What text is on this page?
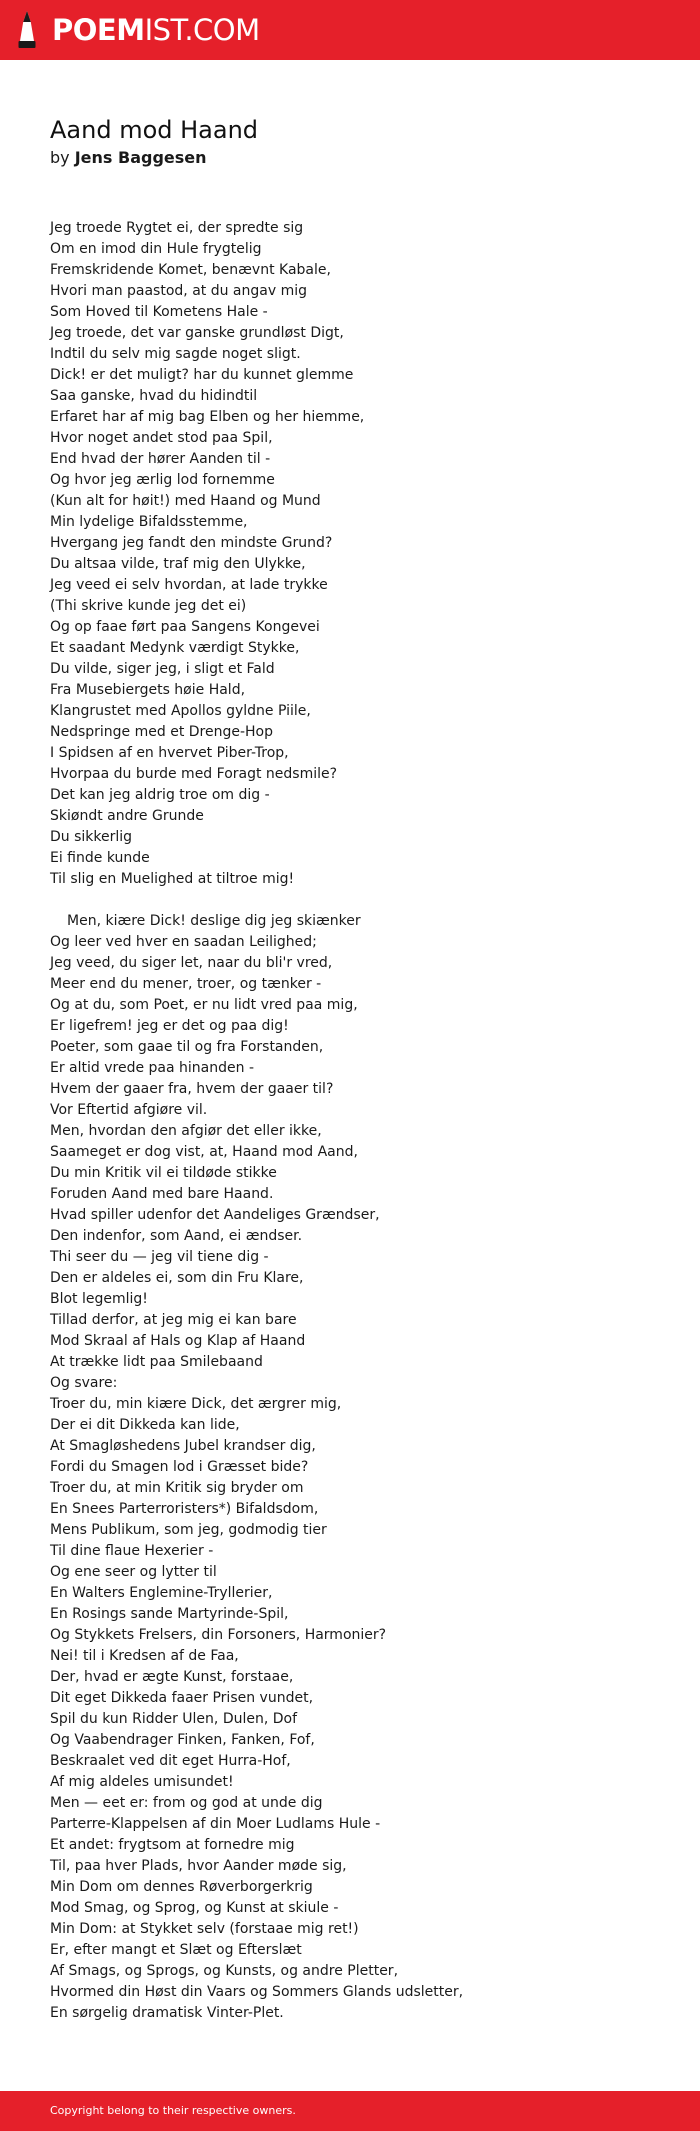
POEMIST.COM
Aand mod Haand
by Jens Baggesen
Jeg troede Rygtet ei, der spredte sig
Om en imod din Hule frygtelig
Fremskridende Komet, benævnt Kabale,
Hvori man paastod, at du angav mig
Som Hoved til Kometens Hale -
Jeg troede, det var ganske grundløst Digt,
Indtil du selv mig sagde noget sligt.
Dick! er det muligt? har du kunnet glemme
Saa ganske, hvad du hidindtil
Erfaret har af mig bag Elben og her hiemme,
Hvor noget andet stod paa Spil,
End hvad der hører Aanden til -
Og hvor jeg ærlig lod fornemme
(Kun alt for høit!) med Haand og Mund
Min lydelige Bifaldsstemme,
Hvergang jeg fandt den mindste Grund?
Du altsaa vilde, traf mig den Ulykke,
Jeg veed ei selv hvordan, at lade trykke
(Thi skrive kunde jeg det ei)
Og op faae ført paa Sangens Kongevei
Et saadant Medynk værdigt Stykke,
Du vilde, siger jeg, i sligt et Fald
Fra Musebiergets høie Hald,
Klangrustet med Apollos gyldne Piile,
Nedspringe med et Drenge-Hop
I Spidsen af en hvervet Piber-Trop,
Hvorpaa du burde med Foragt nedsmile?
Det kan jeg aldrig troe om dig -
Skiøndt andre Grunde
Du sikkerlig
Ei finde kunde
Til slig en Muelighed at tiltroe mig!
Men, kiære Dick! deslige dig jeg skiænker
Og leer ved hver en saadan Leilighed;
Jeg veed, du siger let, naar du bli'r vred,
Meer end du mener, troer, og tænker -
Og at du, som Poet, er nu lidt vred paa mig,
Er ligefrem! jeg er det og paa dig!
Poeter, som gaae til og fra Forstanden,
Er altid vrede paa hinanden -
Hvem der gaaer fra, hvem der gaaer til?
Vor Eftertid afgiøre vil.
Men, hvordan den afgiør det eller ikke,
Saameget er dog vist, at, Haand mod Aand,
Du min Kritik vil ei tildøde stikke
Foruden Aand med bare Haand.
Hvad spiller udenfor det Aandeliges Grændser,
Den indenfor, som Aand, ei ændser.
Thi seer du — jeg vil tiene dig -
Den er aldeles ei, som din Fru Klare,
Blot legemlig!
Tillad derfor, at jeg mig ei kan bare
Mod Skraal af Hals og Klap af Haand
At trække lidt paa Smilebaand
Og svare:
Troer du, min kiære Dick, det ærgrer mig,
Der ei dit Dikkeda kan lide,
At Smagløshedens Jubel krandser dig,
Fordi du Smagen lod i Græsset bide?
Troer du, at min Kritik sig bryder om
En Snees Parterroristers*) Bifaldsdom,
Mens Publikum, som jeg, godmodig tier
Til dine flaue Hexerier -
Og ene seer og lytter til
En Walters Englemine-Tryllerier,
En Rosings sande Martyrinde-Spil,
Og Stykkets Frelsers, din Forsoners, Harmonier?
Nei! til i Kredsen af de Faa,
Der, hvad er ægte Kunst, forstaae,
Dit eget Dikkeda faaer Prisen vundet,
Spil du kun Ridder Ulen, Dulen, Dof
Og Vaabendrager Finken, Fanken, Fof,
Beskraalet ved dit eget Hurra-Hof,
Af mig aldeles umisundet!
Men — eet er: from og god at unde dig
Parterre-Klappelsen af din Moer Ludlams Hule -
Et andet: frygtsom at fornedre mig
Til, paa hver Plads, hvor Aander møde sig,
Min Dom om dennes Røverborgerkrig
Mod Smag, og Sprog, og Kunst at skiule -
Min Dom: at Stykket selv (forstaae mig ret!)
Er, efter mangt et Slæt og Efterslæt
Af Smags, og Sprogs, og Kunsts, og andre Pletter,
Hvormed din Høst din Vaars og Sommers Glands udsletter,
En sørgelig dramatisk Vinter-Plet.
Copyright belong to their respective owners.
